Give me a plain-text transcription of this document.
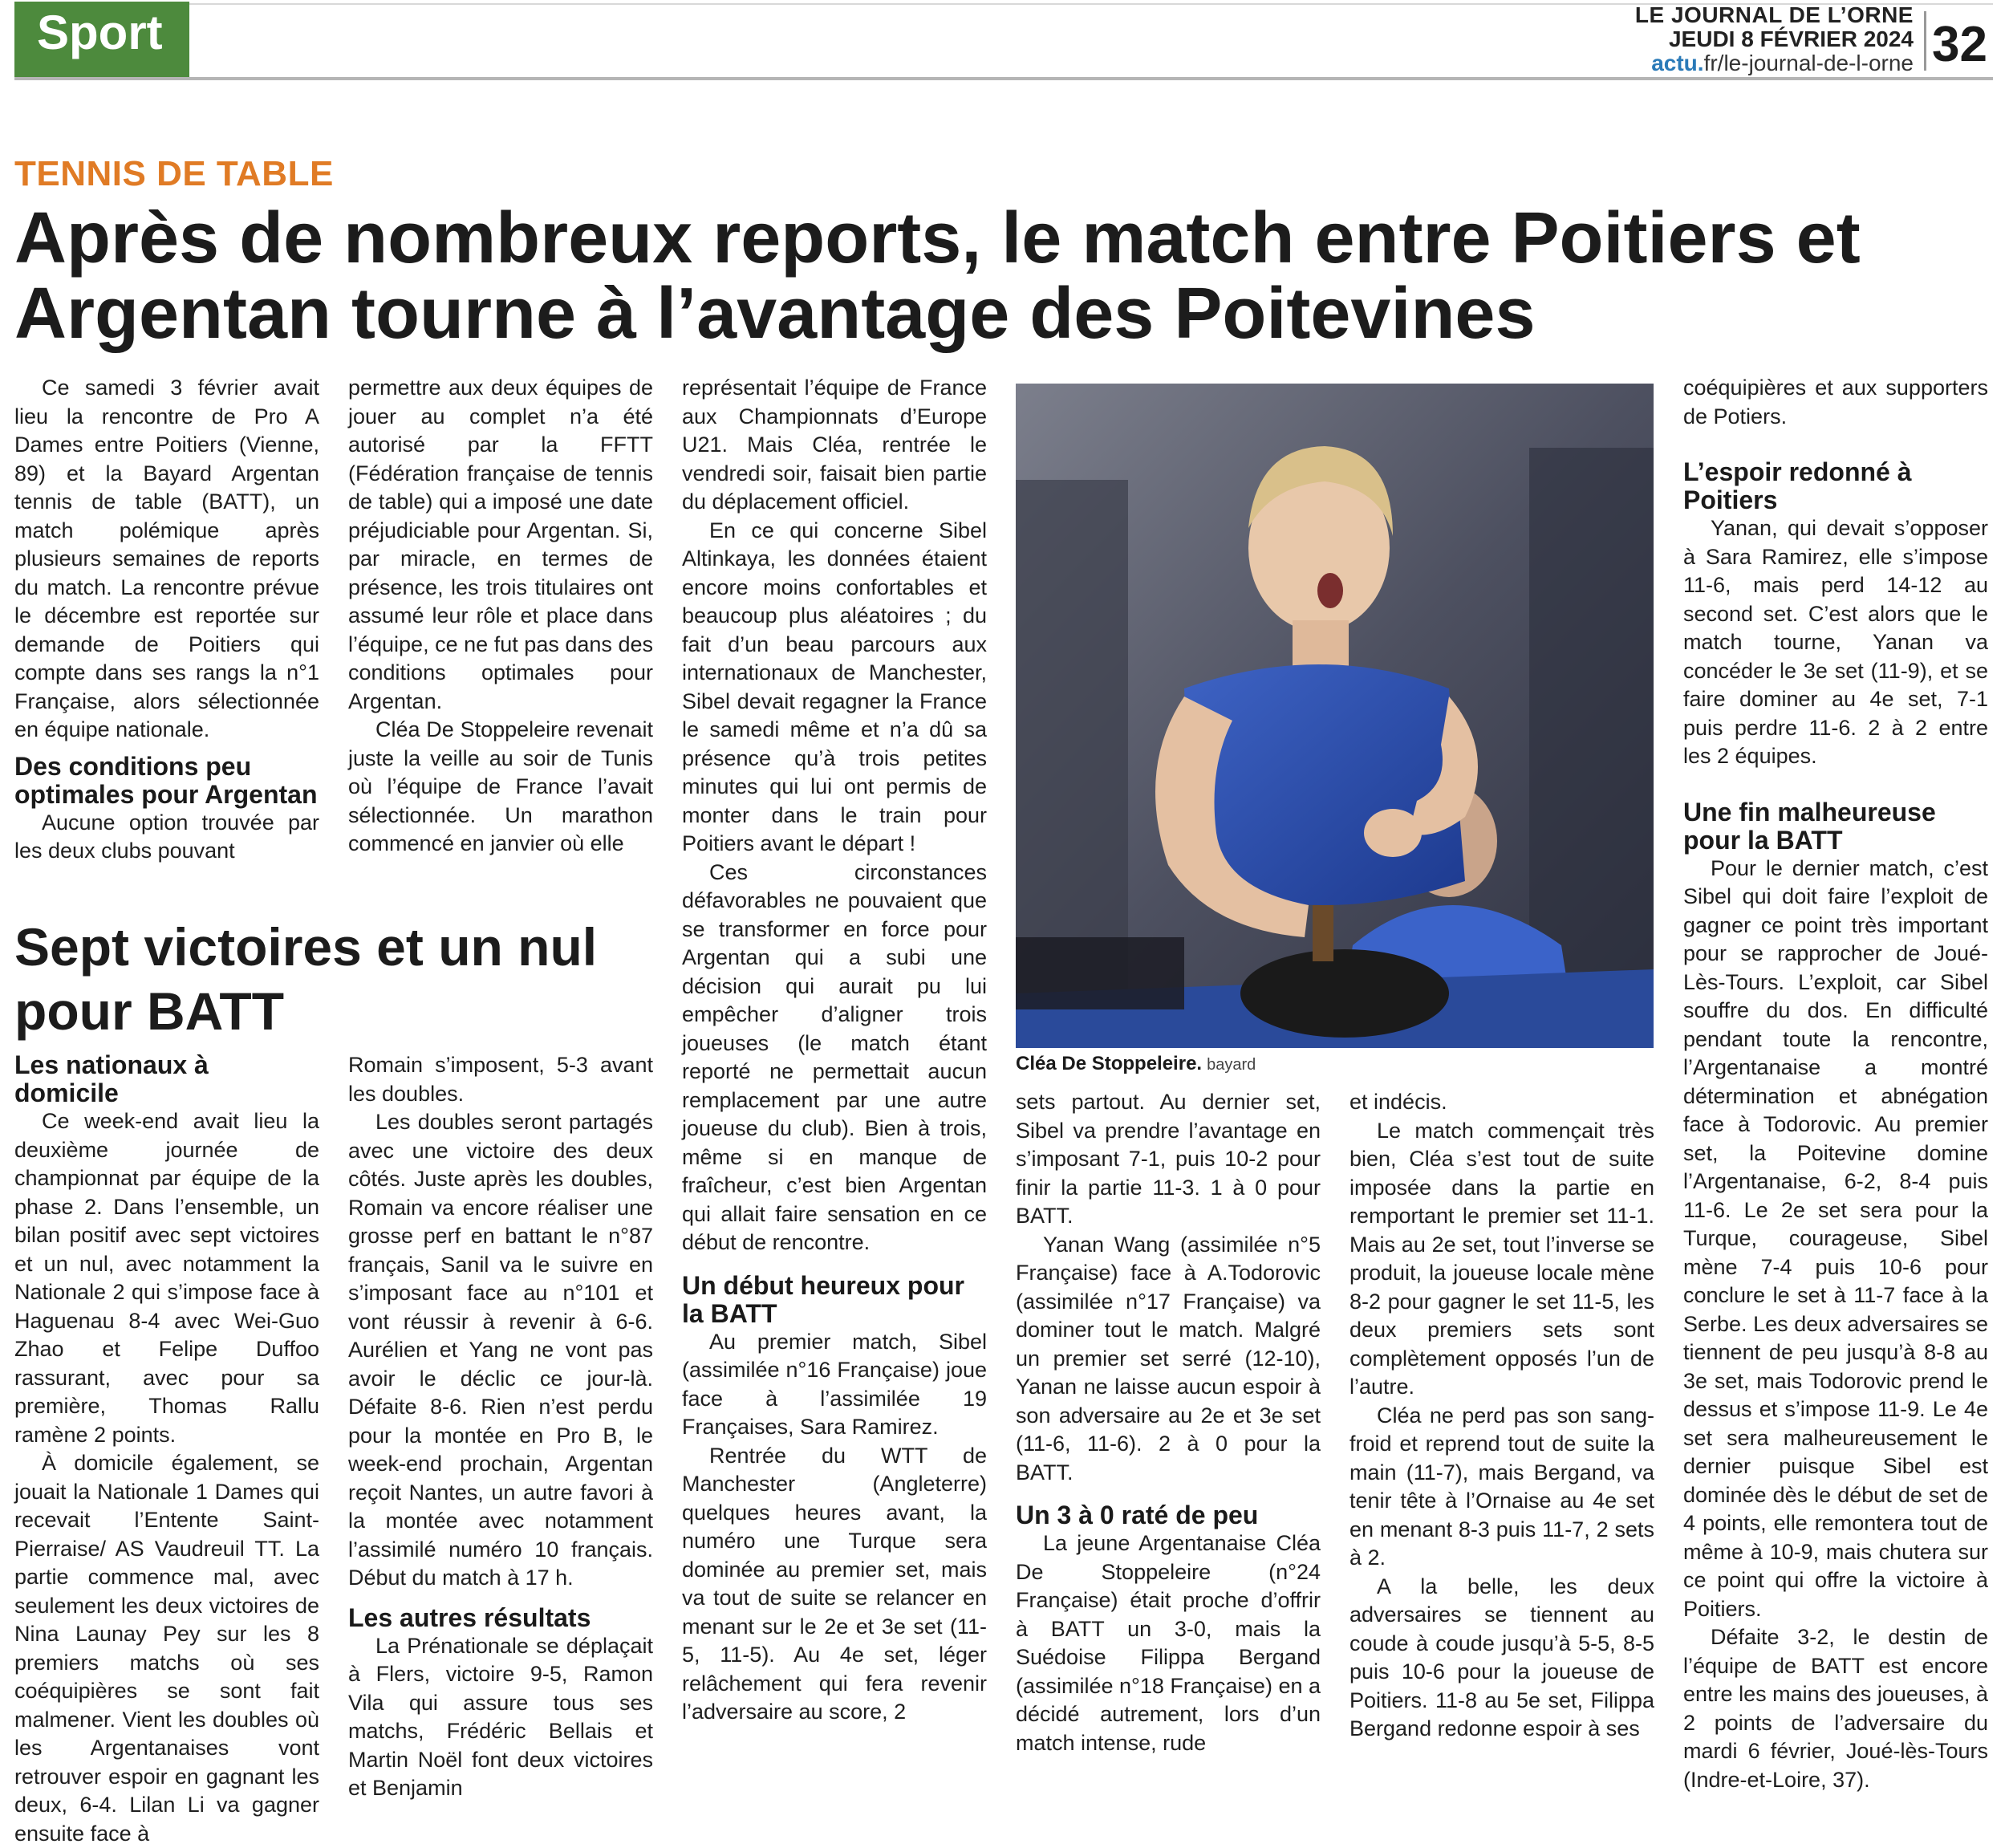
Sport	LE JOURNAL DE L’ORNE
JEUDI 8 FÉVRIER 2024
actu.fr/le-journal-de-l-orne 32
TENNIS DE TABLE
Après de nombreux reports, le match entre Poitiers et Argentan tourne à l’avantage des Poitevines

Ce samedi 3 février avait lieu la rencontre de Pro A Dames entre Poitiers (Vienne, 89) et la Bayard Argentan tennis de table (BATT), un match polémique après plusieurs semaines de reports du match. La rencontre prévue le décembre est reportée sur demande de Poitiers qui compte dans ses rangs la n°1 Française, alors sélectionnée en équipe nationale.

Des conditions peu optimales pour Argentan

Aucune option trouvée par les deux clubs pouvant

permettre aux deux équipes de jouer au complet n’a été autorisé par la FFTT (Fédération française de tennis de table) qui a imposé une date préjudiciable pour Argentan. Si, par miracle, en termes de présence, les trois titulaires ont assumé leur rôle et place dans l’équipe, ce ne fut pas dans des conditions optimales pour Argentan.

Cléa De Stoppeleire revenait juste la veille au soir de Tunis où l’équipe de France l’avait sélectionnée. Un marathon commencé en janvier où elle

représentait l’équipe de France aux Championnats d’Europe U21. Mais Cléa, rentrée le vendredi soir, faisait bien partie du déplacement officiel.

En ce qui concerne Sibel Altinkaya, les données étaient encore moins confortables et beaucoup plus aléatoires ; du fait d’un beau parcours aux internationaux de Manchester, Sibel devait regagner la France le samedi même et n’a dû sa présence qu’à trois petites minutes qui lui ont permis de monter dans le train pour Poitiers avant le départ !

Ces circonstances défavorables ne pouvaient que se transformer en force pour Argentan qui a subi une décision qui aurait pu lui empêcher d’aligner trois joueuses (le match étant reporté ne permettait aucun remplacement par une autre joueuse du club). Bien à trois, même si en manque de fraîcheur, c’est bien Argentan qui allait faire sensation en ce début de rencontre.

Un début heureux pour la BATT

Au premier match, Sibel (assimilée n°16 Française) joue face à l’assimilée 19 Françaises, Sara Ramirez.

Rentrée du WTT de Manchester (Angleterre) quelques heures avant, la numéro une Turque sera dominée au premier set, mais va tout de suite se relancer en menant sur le 2e et 3e set (11-5, 11-5). Au 4e set, léger relâchement qui fera revenir l’adversaire au score, 2

Cléa De Stoppeleire. bayard

sets partout. Au dernier set, Sibel va prendre l’avantage en s’imposant 7-1, puis 10-2 pour finir la partie 11-3. 1 à 0 pour BATT.

Yanan Wang (assimilée n°5 Française) face à A.Todorovic (assimilée n°17 Française) va dominer tout le match. Malgré un premier set serré (12-10), Yanan ne laisse aucun espoir à son adversaire au 2e et 3e set (11-6, 11-6). 2 à 0 pour la BATT.

Un 3 à 0 raté de peu

La jeune Argentanaise Cléa De Stoppeleire (n°24 Française) était proche d’offrir à BATT un 3-0, mais la Suédoise Filippa Bergand (assimilée n°18 Française) en a décidé autrement, lors d’un match intense, rude

et indécis.

Le match commençait très bien, Cléa s’est tout de suite imposée dans la partie en remportant le premier set 11-1. Mais au 2e set, tout l’inverse se produit, la joueuse locale mène 8-2 pour gagner le set 11-5, les deux premiers sets sont complètement opposés l’un de l’autre.

Cléa ne perd pas son sang-froid et reprend tout de suite la main (11-7), mais Bergand, va tenir tête à l’Ornaise au 4e set en menant 8-3 puis 11-7, 2 sets à 2.

A la belle, les deux adversaires se tiennent au coude à coude jusqu’à 5-5, 8-5 puis 10-6 pour la joueuse de Poitiers. 11-8 au 5e set, Filippa Bergand redonne espoir à ses

coéquipières et aux supporters de Potiers.

L’espoir redonné à Poitiers

Yanan, qui devait s’opposer à Sara Ramirez, elle s’impose 11-6, mais perd 14-12 au second set. C’est alors que le match tourne, Yanan va concéder le 3e set (11-9), et se faire dominer au 4e set, 7-1 puis perdre 11-6. 2 à 2 entre les 2 équipes.

Une fin malheureuse pour la BATT

Pour le dernier match, c’est Sibel qui doit faire l’exploit de gagner ce point très important pour se rapprocher de Joué-Lès-Tours. L’exploit, car Sibel souffre du dos. En difficulté pendant toute la rencontre, l’Argentanaise a montré détermination et abnégation face à Todorovic. Au premier set, la Poitevine domine l’Argentanaise, 6-2, 8-4 puis 11-6. Le 2e set sera pour la Turque, courageuse, Sibel mène 7-4 puis 10-6 pour conclure le set à 11-7 face à la Serbe. Les deux adversaires se tiennent de peu jusqu’à 8-8 au 3e set, mais Todorovic prend le dessus et s’impose 11-9. Le 4e set sera malheureusement le dernier puisque Sibel est dominée dès le début de set de 4 points, elle remontera tout de même à 10-9, mais chutera sur ce point qui offre la victoire à Poitiers.

Défaite 3-2, le destin de l’équipe de BATT est encore entre les mains des joueuses, à 2 points de l’adversaire du mardi 6 février, Joué-lès-Tours (Indre-et-Loire, 37).

Sept victoires et un nul pour BATT
Les nationaux à domicile

Ce week-end avait lieu la deuxième journée de championnat par équipe de la phase 2. Dans l’ensemble, un bilan positif avec sept victoires et un nul, avec notamment la Nationale 2 qui s’impose face à Haguenau 8-4 avec Wei-Guo Zhao et Felipe Duffoo rassurant, avec pour sa première, Thomas Rallu ramène 2 points.

À domicile également, se jouait la Nationale 1 Dames qui recevait l’Entente Saint-Pierraise/ AS Vaudreuil TT. La partie commence mal, avec seulement les deux victoires de Nina Launay Pey sur les 8 premiers matchs où ses coéquipières se sont fait malmener. Vient les doubles où les Argentanaises vont retrouver espoir en gagnant les deux, 6-4. Lilan Li va gagner ensuite face à

Romain s’imposent, 5-3 avant les doubles.

Les doubles seront partagés avec une victoire des deux côtés. Juste après les doubles, Romain va encore réaliser une grosse perf en battant le n°87 français, Sanil va le suivre en s’imposant face au n°101 et vont réussir à revenir à 6-6. Aurélien et Yang ne vont pas avoir le déclic ce jour-là. Défaite 8-6. Rien n’est perdu pour la montée en Pro B, le week-end prochain, Argentan reçoit Nantes, un autre favori à la montée avec notamment l’assimilé numéro 10 français. Début du match à 17 h.

Les autres résultats

La Prénationale se déplaçait à Flers, victoire 9-5, Ramon Vila qui assure tous ses matchs, Frédéric Bellais et Martin Noël font deux victoires et Benjamin
